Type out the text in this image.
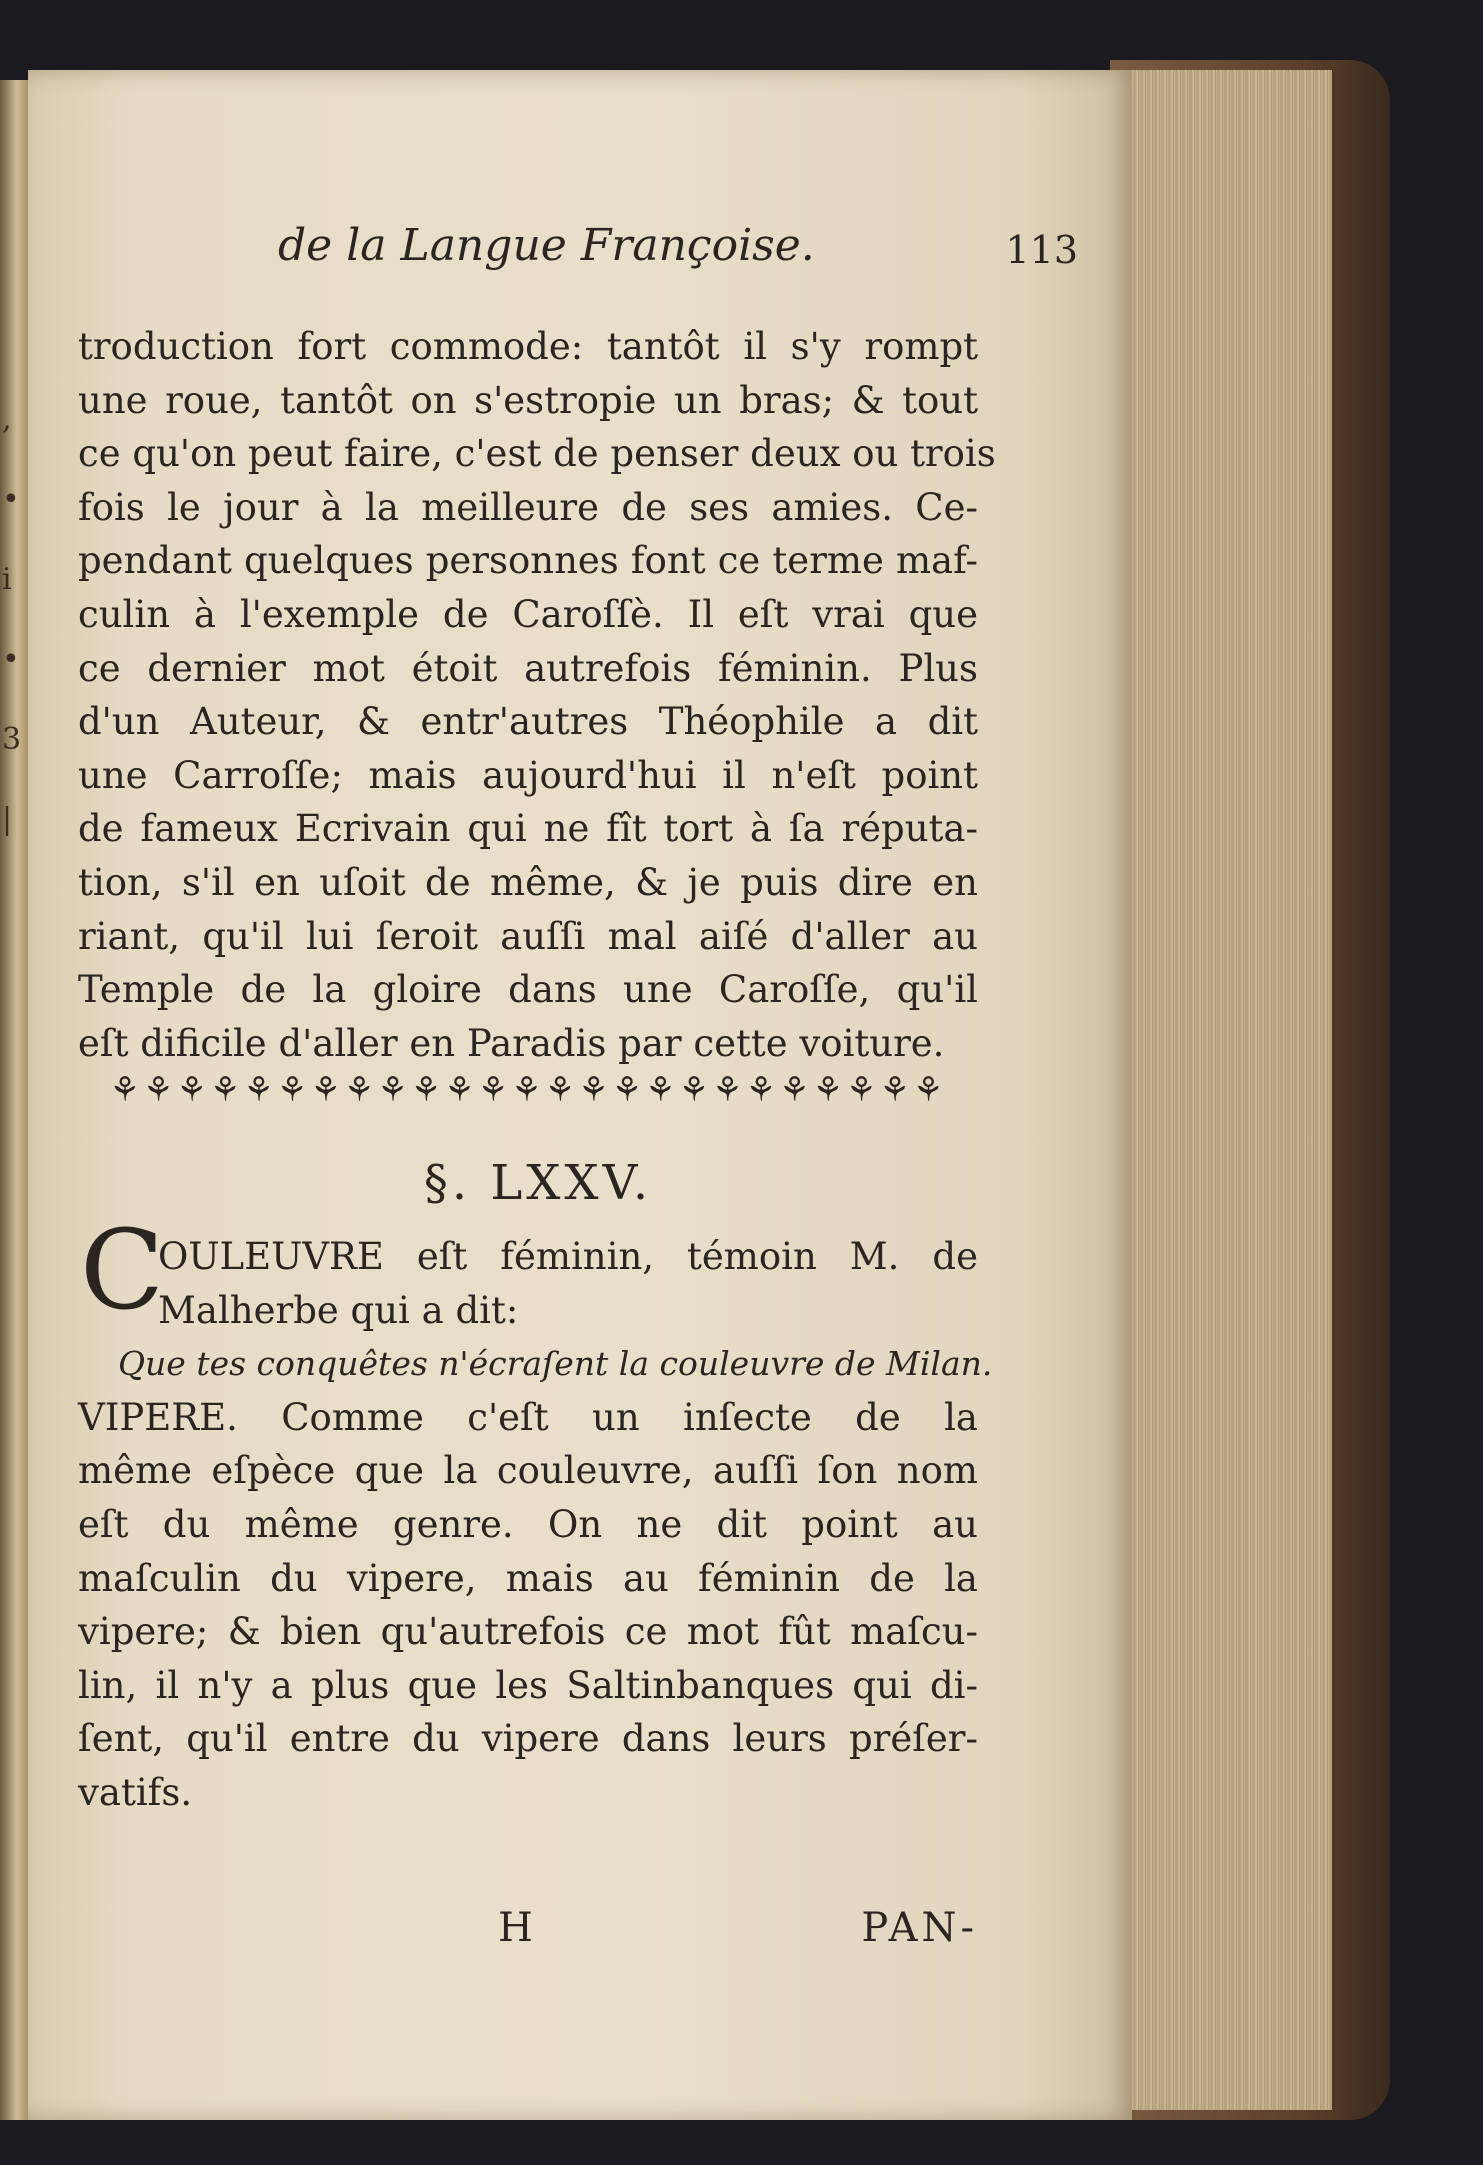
,
•
i
•
3
|
de la Langue Françoise.	113
troduction fort commode: tantôt il s'y rompt
une roue, tantôt on s'estropie un bras; & tout
ce qu'on peut faire, c'est de penser deux ou trois
fois le jour à la meilleure de ses amies. Ce-
pendant quelques personnes font ce terme maf-
culin à l'exemple de Caroſſè. Il eſt vrai que
ce dernier mot étoit autrefois féminin. Plus
d'un Auteur, & entr'autres Théophile a dit
une Carroſſe; mais aujourd'hui il n'eſt point
de fameux Ecrivain qui ne fît tort à ſa réputa-
tion, s'il en uſoit de même, & je puis dire en
riant, qu'il lui ſeroit auſſi mal aiſé d'aller au
Temple de la gloire dans une Caroſſe, qu'il
eſt dificile d'aller en Paradis par cette voiture.
⚘⚘⚘⚘⚘⚘⚘⚘⚘⚘⚘⚘⚘⚘⚘⚘⚘⚘⚘⚘⚘⚘⚘⚘⚘
§. LXXV.
C
OULEUVRE eſt féminin, témoin M. de
Malherbe qui a dit:
Que tes conquêtes n'écraſent la couleuvre de Milan.
VIPERE. Comme c'eſt un inſecte de la
même eſpèce que la couleuvre, auſſi ſon nom
eſt du même genre. On ne dit point au
maſculin du vipere, mais au féminin de la
vipere; & bien qu'autrefois ce mot fût maſcu-
lin, il n'y a plus que les Saltinbanques qui di-
ſent, qu'il entre du vipere dans leurs préſer-
vatifs.
H	PAN-
